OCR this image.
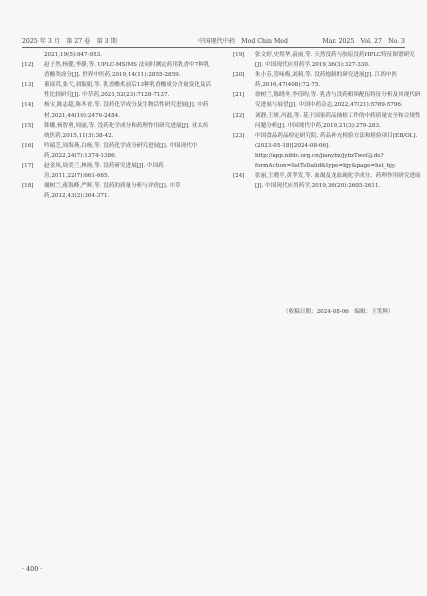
2025 年 3 月　第 27 卷　第 3 期	中国现代中药　Mod Chin Med	Mar. 2025　Vol. 27　No. 3
2021,19(5):947-953.
[12] 赵子然,杨健,李静,等. UPLC-MS/MS 法同时测定药用乳香中7种乳香酸类成分[J]. 世界中医药,2019,14(11):2855-2859.
[13] 董瑶茸,张弋,刘振娟,等. 乳香醋炙前后13种乳香酸成分含量变化及活性比较研究[J]. 中草药,2021,52(23):7128-7137.
[14] 杨宝,陈志超,陈冬青,等. 没药化学成分及生物活性研究进展[J]. 中药材,2021,44(10):2476-2484.
[15] 韩娜,杨智勇,周丽,等. 没药化学成分和药理作用研究进展[J]. 亚太传统医药,2015,11(3):38-42.
[16] 吟瑞芝,周海燕,白杨,等. 没药化学成分研究进展[J]. 中国现代中药,2022,24(7):1374-1386.
[17] 赵金凤,周美兰,林扬,等. 没药研究进展[J]. 中国药房,2011,22(7):661-665.
[18] 谢树兰,蒋海峰,严辉,等. 没药的质量分析与评价[J]. 中草药,2012,43(2):364-371.
[19] 张文婷,史煜华,袁丽,等. 天然没药与胶原没药HPLC特征图谱研究[J]. 中国现代应用药学,2019,36(3):327-330.
[20] 朱小芬,管咏梅,刘莉,等. 没药炮制的研究进展[J]. 江西中医药,2016,47(408):72-75.
[21] 徐树兰,陈晓冬,李佳昀,等. 乳香与没药相须配伍特征分析及其现代研究进展与展望[J]. 中国中药杂志,2022,47(21):5789-5796.
[22] 刘静,王妍,冯磊,等. 基于国家药品抽检工作的中药质量安全和合规性问题分析[J]. 中国现代中药,2019,21(3):279-283.
[23] 中国食品药品检定研究院. 药品补充检验方法和检验项目[EB/OL]. (2023-05-18)[2024-08-06]. http://app.nifdc.org.cn/jianybz/jybzTwoGj.do?formAction=listTsDalid&type=bjy&page=list_bjy.
[24] 张丽,王晓平,黄孝发,等. 血竭及龙血竭化学成分、药理作用研究进展[J]. 中国现代应用药学,2019,36(20):2605-2611.
（收稿日期：2024-08-06　编辑：王笑辉）
· 400 ·
